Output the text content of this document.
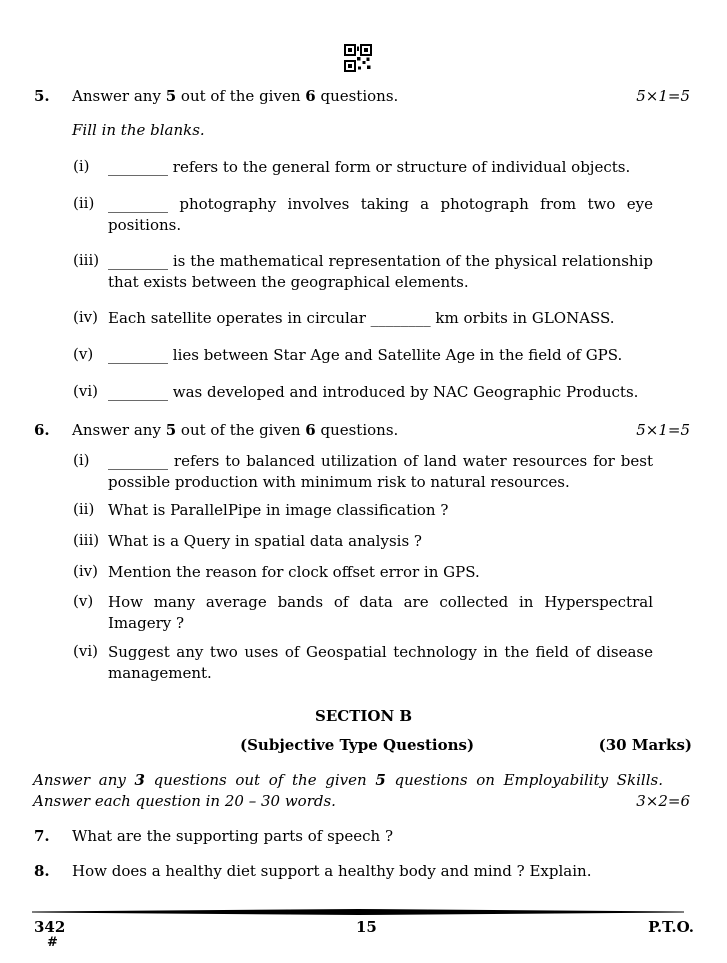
5. Answer any 5 out of the given 6 questions.	5×1=5
Fill in the blanks.
(i) ________ refers to the general form or structure of individual objects.
(ii) ________ photography involves taking a photograph from two eye positions.
(iii) ________ is the mathematical representation of the physical relationship that exists between the geographical elements.
(iv) Each satellite operates in circular ________ km orbits in GLONASS.
(v) ________ lies between Star Age and Satellite Age in the field of GPS.
(vi) ________ was developed and introduced by NAC Geographic Products.
6. Answer any 5 out of the given 6 questions.	5×1=5
(i) ________ refers to balanced utilization of land water resources for best possible production with minimum risk to natural resources.
(ii) What is ParallelPipe in image classification ?
(iii) What is a Query in spatial data analysis ?
(iv) Mention the reason for clock offset error in GPS.
(v) How many average bands of data are collected in Hyperspectral Imagery ?
(vi) Suggest any two uses of Geospatial technology in the field of disease management.
SECTION B
(Subjective Type Questions)	(30 Marks)
Answer any 3 questions out of the given 5 questions on Employability Skills.
Answer each question in 20 – 30 words.	3×2=6
7. What are the supporting parts of speech ?
8. How does a healthy diet support a healthy body and mind ? Explain.
342
#
15	P.T.O.
